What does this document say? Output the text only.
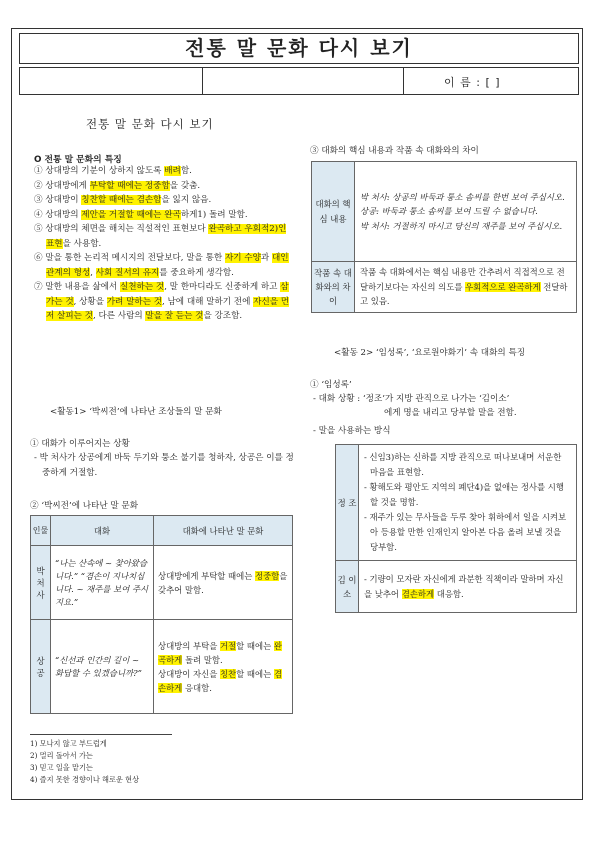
전통 말 문화 다시 보기
이 름 : [ ]
전통 말 문화 다시 보기
O 전통 말 문화의 특징
① 상대방의 기분이 상하지 않도록 배려함.
② 상대방에게 부탁할 때에는 정중함을 갖춤.
③ 상대방이 칭찬할 때에는 겸손함을 잃지 않음.
④ 상대방의 제안을 거절할 때에는 완곡하게1) 돌려 말함.
⑤ 상대방의 체면을 해치는 직설적인 표현보다 완곡하고 우회적2)인 표현을 사용함.
⑥ 말을 통한 논리적 메시지의 전달보다, 말을 통한 자기 수양과 대인 관계의 형성, 사회 질서의 유지를 중요하게 생각함.
⑦ 말한 내용을 삶에서 실천하는 것, 말 한마디라도 신중하게 하고 삼가는 것, 상황을 가려 말하는 것, 남에 대해 말하기 전에 자신을 먼저 살피는 것, 다른 사람의 말을 잘 듣는 것을 강조함.
<활동1> ‘박씨전’에 나타난 조상들의 말 문화
① 대화가 이루어지는 상황
- 박 처사가 상공에게 바둑 두기와 퉁소 불기를 청하자, 상공은 이를 정중하게 거절함.
② ‘박씨전’에 나타난 말 문화
인물	대화	대화에 나타난 말 문화
박 처 사	“나는 산속에 ~ 찾아왔습니다.” “겸손이 지나치십니다. ~ 재주를 보여 주시지요.”	상대방에게 부탁할 때에는 정중함을 갖추어 말함.
상 공	“신선과 인간의 길이 ~ 화답할 수 있겠습니까?”	상대방의 부탁을 거절할 때에는 완곡하게 돌려 말함.
상대방이 자신을 칭찬할 때에는 겸손하게 응대함.
1) 모나지 않고 부드럽게
2) 멀리 돌아서 가는
3) 믿고 일을 맡기는
4) 즐지 못한 경향이나 해로운 현상
③ 대화의 핵심 내용과 작품 속 대화와의 차이
대화의 핵심 내용	박 처사: 상공의 바둑과 퉁소 솜씨를 한번 보여 주십시오.
상공: 바둑과 퉁소 솜씨를 보여 드릴 수 없습니다.
박 처사: 거절하지 마시고 당신의 재주를 보여 주십시오.

작품 속 대화와의 차이	작품 속 대화에서는 핵심 내용만 간추려서 직접적으로 전달하기보다는 자신의 의도를 우회적으로 완곡하게 전달하고 있음.
<활동 2> ‘임성록’, ‘요로원야화기’ 속 대화의 특징
① ‘임성록’
- 대화 상황 : ‘정조’가 지방 관직으로 나가는 ‘김이소’
에게 명을 내리고 당부할 말을 전함.
- 말을 사용하는 방식
정 조	- 신임3)하는 신하를 지방 관직으로 떠나보내며 서운한 마음을 표현함.
- 황해도와 평안도 지역의 폐단4)을 없애는 정사를 시행할 것을 명함.
- 재주가 있는 무사들을 두루 찾아 휘하에서 일을 시켜보아 등용할 만한 인재인지 알아본 다음 올려 보낼 것을 당부함.

김 이 소	- 기량이 모자란 자신에게 과분한 직책이라 말하며 자신을 낮추어 겸손하게 대응함.
